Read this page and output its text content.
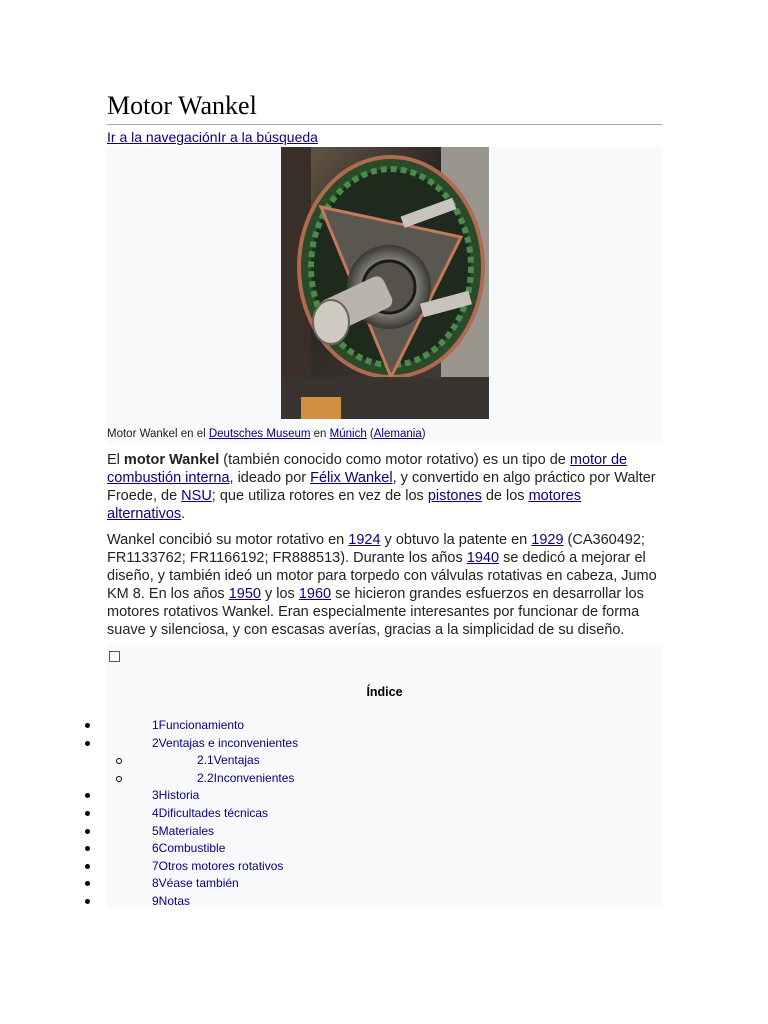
Motor Wankel
Ir a la navegaciónIr a la búsqueda
Motor Wankel en el Deutsches Museum en Múnich (Alemania)

El motor Wankel (también conocido como motor rotativo) es un tipo de motor de combustión interna, ideado por Félix Wankel, y convertido en algo práctico por Walter Froede, de NSU; que utiliza rotores en vez de los pistones de los motores alternativos.

Wankel concibió su motor rotativo en 1924 y obtuvo la patente en 1929 (CA360492; FR1133762; FR1166192; FR888513). Durante los años 1940 se dedicó a mejorar el diseño, y también ideó un motor para torpedo con válvulas rotativas en cabeza, Jumo KM 8. En los años 1950 y los 1960 se hicieron grandes esfuerzos en desarrollar los motores rotativos Wankel. Eran especialmente interesantes por funcionar de forma suave y silenciosa, y con escasas averías, gracias a la simplicidad de su diseño.

Índice
1Funcionamiento
2Ventajas e inconvenientes
2.1Ventajas
2.2Inconvenientes
3Historia
4Dificultades técnicas
5Materiales
6Combustible
7Otros motores rotativos
8Véase también
9Notas
